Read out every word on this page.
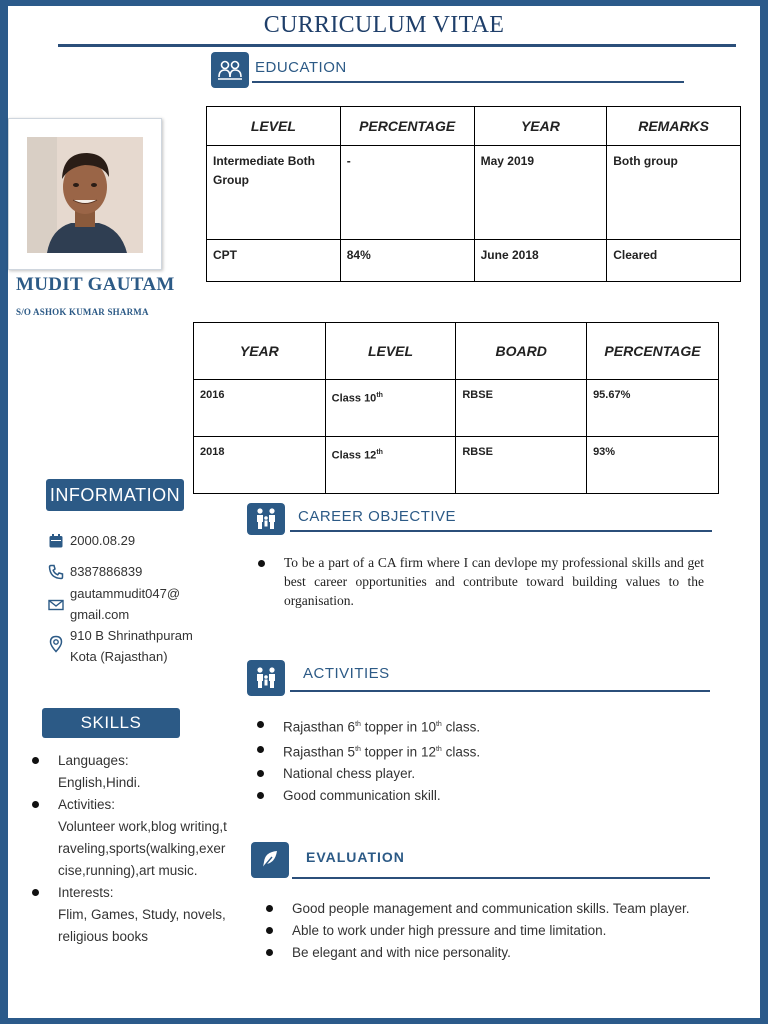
CURRICULUM VITAE
EDUCATION
LEVEL	PERCENTAGE	YEAR	REMARKS
Intermediate Both Group	-	May 2019	Both group
CPT	84%	June 2018	Cleared
MUDIT GAUTAM
S/O ASHOK KUMAR SHARMA
YEAR	LEVEL	BOARD	PERCENTAGE
2016	Class 10th	RBSE	95.67%
2018	Class 12th	RBSE	93%
INFORMATION
2000.08.29
8387886839
gautammudit047@
gmail.com
910 B Shrinathpuram
Kota (Rajasthan)
SKILLS
Languages:
English,Hindi.
Activities:
Volunteer work,blog writing,traveling,sports(walking,exercise,running),art music.
Interests:
Flim, Games, Study, novels, religious books
CAREER OBJECTIVE
To be a part of a CA firm where I can devlope my professional skills and get best career opportunities and contribute toward building values to the organisation.
ACTIVITIES
Rajasthan 6th topper in 10th class.
Rajasthan 5th topper in 12th class.
National chess player.
Good communication skill.
EVALUATION
Good people management and communication skills. Team player.
Able to work under high pressure and time limitation.
Be elegant and with nice personality.
